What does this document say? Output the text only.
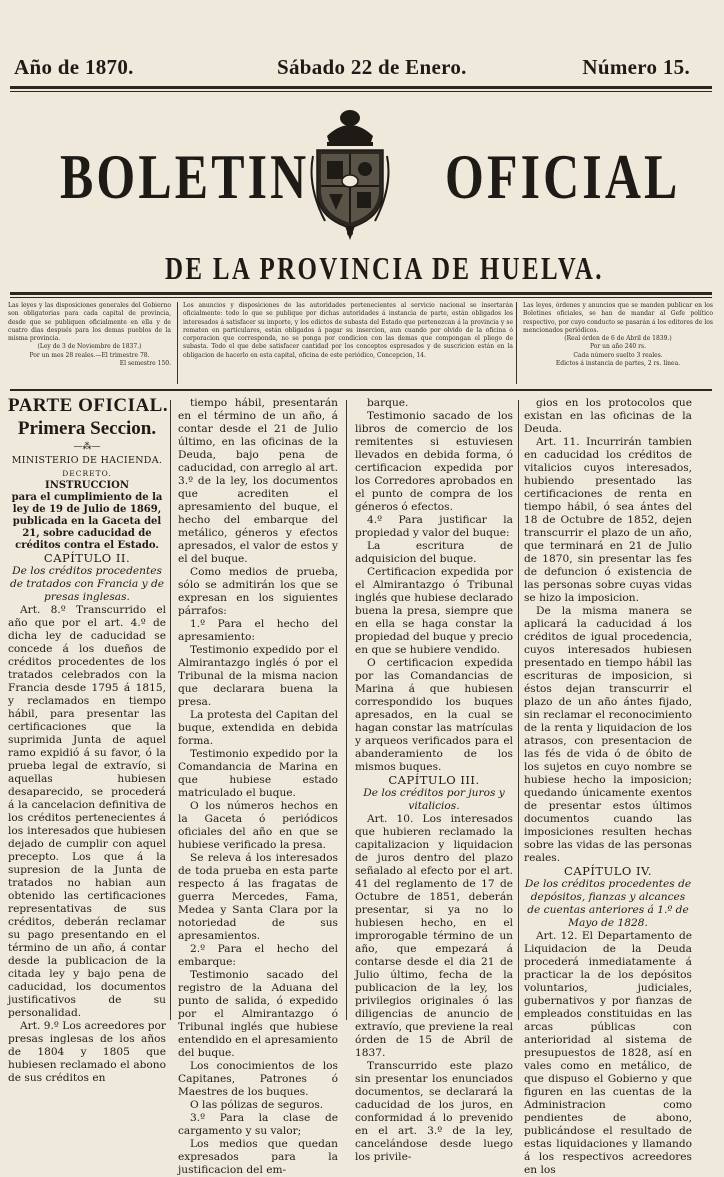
Año de 1870.	Sábado 22 de Enero.	Número 15.
BOLETIN OFICIAL
DE LA PROVINCIA DE HUELVA.

Las leyes y las disposiciones generales del Gobierno son obligatorias para cada capital de provincia, desde que se publiquen oficialmente en ella y de cuatro dias después para los demas pueblos de la misma provincia.

(Ley de 3 de Noviembre de 1837.)
Por un mes 28 reales.—El trimestre 78.
El semestre 150.

Los anuncios y disposiciones de las autoridades pertenecientes al servicio nacional se insertarán oficialmente: todo lo que se publique por dichas autoridades á instancia de parte, están obligados los interesados á satisfacer su importe, y los edictos de subasta del Estado que pertenezcan á la provincia y se rematen en particulares, están obligados á pagar su insercion, aun cuando por olvido de la oficina ó corporacion que corresponda, no se ponga por condicion con las demas que compongan el pliego de subasta. Todo el que debe satisfacer cantidad por los conceptos espresados y de suscricion están en la obligacion de hacerlo en esta capital, oficina de este periódico, Concepcion, 14.

Las leyes, órdenes y anuncios que se manden publicar en los Boletines oficiales, se han de mandar al Gefe político respectivo, por cuyo conducto se pasarán á los editores de los mencionados periódicos.

(Real órden de 6 de Abril de 1839.)
Por un año 240 rs.
Cada número suelto 3 reales.
Edictos á instancia de partes, 2 rs. línea.
PARTE OFICIAL.
Primera Seccion.

—⁂—

MINISTERIO DE HACIENDA.

DECRETO.

INSTRUCCION

para el cumplimiento de la ley de 19 de Julio de 1869, publicada en la Gaceta del 21, sobre caducidad de créditos contra el Estado.

CAPÍTULO II.

De los créditos procedentes de tratados con Francia y de presas inglesas.

Art. 8.º Transcurrido el año que por el art. 4.º de dicha ley de caducidad se concede á los dueños de créditos procedentes de los tratados celebrados con la Francia desde 1795 á 1815, y reclamados en tiempo hábil, para presentar las certificaciones que la suprimida Junta de aquel ramo expidió á su favor, ó la prueba legal de extravío, si aquellas hubiesen desaparecido, se procederá á la cancelacion definitiva de los créditos pertenecientes á los interesados que hubiesen dejado de cumplir con aquel precepto. Los que á la supresion de la Junta de tratados no habian aun obtenido las certificaciones representativas de sus créditos, deberán reclamar su pago presentando en el término de un año, á contar desde la publicacion de la citada ley y bajo pena de caducidad, los documentos justificativos de su personalidad.

Art. 9.º Los acreedores por presas inglesas de los años de 1804 y 1805 que hubiesen reclamado el abono de sus créditos en

tiempo hábil, presentarán en el término de un año, á contar desde el 21 de Julio último, en las oficinas de la Deuda, bajo pena de caducidad, con arreglo al art. 3.º de la ley, los documentos que acrediten el apresamiento del buque, el hecho del embarque del metálico, géneros y efectos apresados, el valor de estos y el del buque.

Como medios de prueba, sólo se admitirán los que se expresan en los siguientes párrafos:

1.º Para el hecho del apresamiento:

Testimonio expedido por el Almirantazgo inglés ó por el Tribunal de la misma nacion que declarara buena la presa.

La protesta del Capitan del buque, extendida en debida forma.

Testimonio expedido por la Comandancia de Marina en que hubiese estado matriculado el buque.

O los números hechos en la Gaceta ó periódicos oficiales del año en que se hubiese verificado la presa.

Se releva á los interesados de toda prueba en esta parte respecto á las fragatas de guerra Mercedes, Fama, Medea y Santa Clara por la notoriedad de sus apresamientos.

2.º Para el hecho del embarque:

Testimonio sacado del registro de la Aduana del punto de salida, ó expedido por el Almirantazgo ó Tribunal inglés que hubiese entendido en el apresamiento del buque.

Los conocimientos de los Capitanes, Patrones ó Maestres de los buques.

O las pólizas de seguros.

3.º Para la clase de cargamento y su valor;

Los medios que quedan expresados para la justificacion del em-

barque.

Testimonio sacado de los libros de comercio de los remitentes si estuviesen llevados en debida forma, ó certificacion expedida por los Corredores aprobados en el punto de compra de los géneros ó efectos.

4.º Para justificar la propiedad y valor del buque:

La escritura de adquisicion del buque.

Certificacion expedida por el Almirantazgo ó Tribunal inglés que hubiese declarado buena la presa, siempre que en ella se haga constar la propiedad del buque y precio en que se hubiere vendido.

O certificacion expedida por las Comandancias de Marina á que hubiesen correspondido los buques apresados, en la cual se hagan constar las matrículas y arqueos verificados para el abanderamiento de los mismos buques.

CAPÍTULO III.

De los créditos por juros y vitalicios.

Art. 10. Los interesados que hubieren reclamado la capitalizacion y liquidacion de juros dentro del plazo señalado al efecto por el art. 41 del reglamento de 17 de Octubre de 1851, deberán presentar, si ya no lo hubiesen hecho, en el improrogable término de un año, que empezará á contarse desde el dia 21 de Julio último, fecha de la publicacion de la ley, los privilegios originales ó las diligencias de anuncio de extravío, que previene la real órden de 15 de Abril de 1837.

Transcurrido este plazo sin presentar los enunciados documentos, se declarará la caducidad de los juros, en conformidad á lo prevenido en el art. 3.º de la ley, cancelándose desde luego los privile-

gios en los protocolos que existan en las oficinas de la Deuda.

Art. 11. Incurrirán tambien en caducidad los créditos de vitalicios cuyos interesados, hubiendo presentado las certificaciones de renta en tiempo hábil, ó sea ántes del 18 de Octubre de 1852, dejen transcurrir el plazo de un año, que terminará en 21 de Julio de 1870, sin presentar las fes de defuncion ó existencia de las personas sobre cuyas vidas se hizo la imposicion.

De la misma manera se aplicará la caducidad á los créditos de igual procedencia, cuyos interesados hubiesen presentado en tiempo hábil las escrituras de imposicion, si éstos dejan transcurrir el plazo de un año ántes fijado, sin reclamar el reconocimiento de la renta y liquidacion de los atrasos, con presentacion de las fés de vida ó de óbito de los sujetos en cuyo nombre se hubiese hecho la imposicion; quedando únicamente exentos de presentar estos últimos documentos cuando las imposiciones resulten hechas sobre las vidas de las personas reales.

CAPÍTULO IV.

De los créditos procedentes de depósitos, fianzas y alcances de cuentas anteriores á 1.º de Mayo de 1828.

Art. 12. El Departamento de Liquidacion de la Deuda procederá inmediatamente á practicar la de los depósitos voluntarios, judiciales, gubernativos y por fianzas de empleados constituidas en las arcas públicas con anterioridad al sistema de presupuestos de 1828, así en vales como en metálico, de que dispuso el Gobierno y que figuren en las cuentas de la Administracion como pendientes de abono, publicándose el resultado de estas liquidaciones y llamando á los respectivos acreedores en los
